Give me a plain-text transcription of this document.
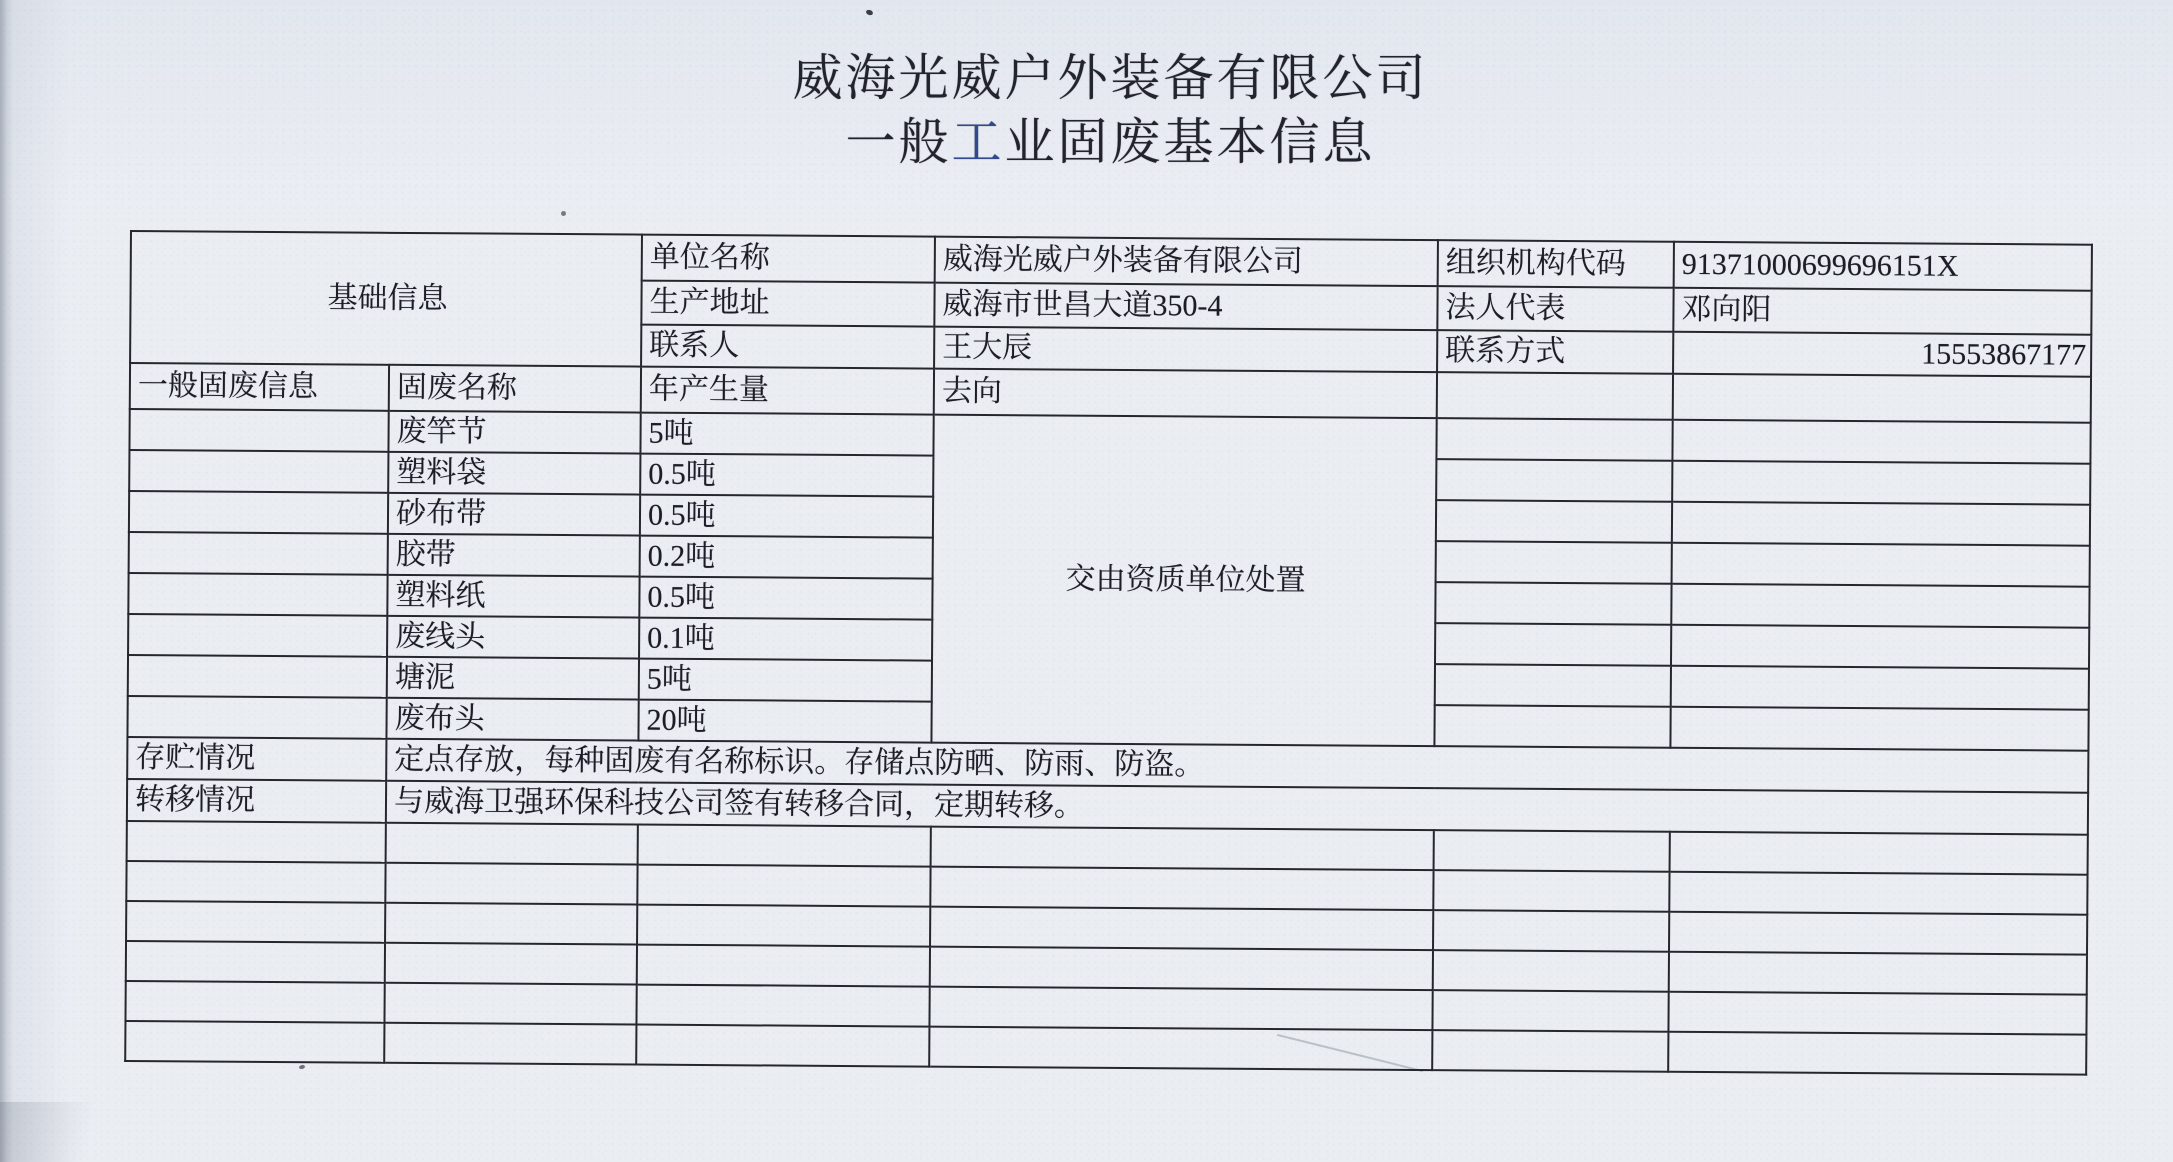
威海光威户外装备有限公司
一般工业固废基本信息
基础信息		单位名称	威海光威户外装备有限公司	组织机构代码	91371000699696151X
		生产地址	威海市世昌大道350-4	法人代表	邓向阳
		联系人	王大辰	联系方式	15553867177
一般固废信息	固废名称	年产生量	去向		
	废竿节	5吨	交由资质单位处置		
	塑料袋	0.5吨			
	砂布带	0.5吨			
	胶带	0.2吨			
	塑料纸	0.5吨			
	废线头	0.1吨			
	塘泥	5吨			
	废布头	20吨			
存贮情况	定点存放，每种固废有名称标识。存储点防晒、防雨、防盗。				
转移情况	与威海卫强环保科技公司签有转移合同，定期转移。				
